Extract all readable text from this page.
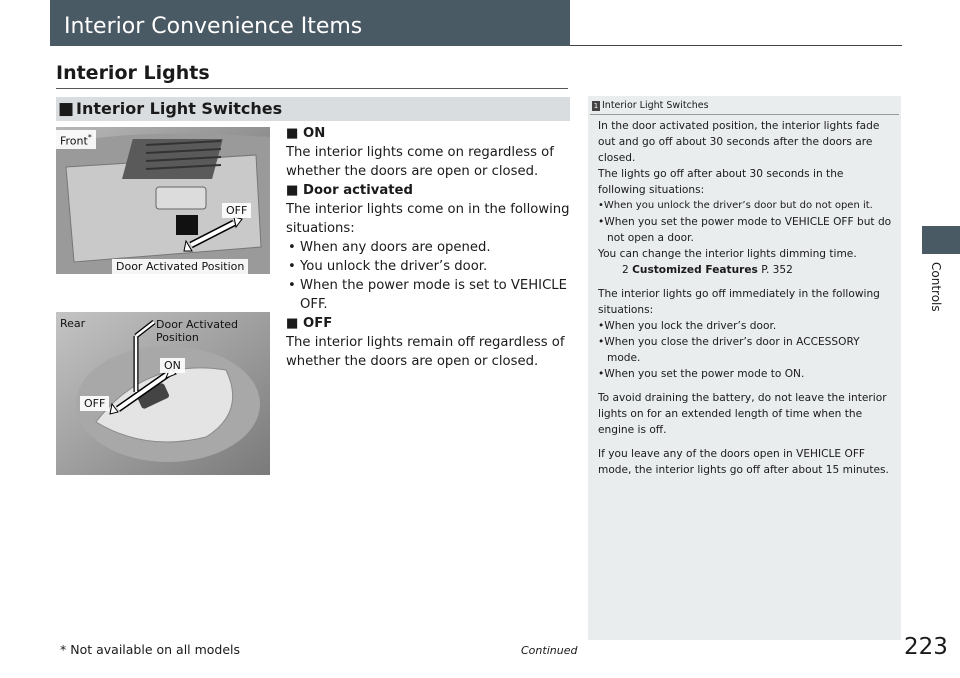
Interior Convenience Items
Interior Lights
■ Interior Light Switches
Front*
OFF
Door Activated Position
Rear	Door Activated
Position
ON
OFF
■ ON
The interior lights come on regardless of whether the doors are open or closed.
■ Door activated
The interior lights come on in the following situations:
• When any doors are opened.
• You unlock the driver’s door.
• When the power mode is set to VEHICLE OFF.
■ OFF
The interior lights remain off regardless of whether the doors are open or closed.
1 Interior Light Switches

In the door activated position, the interior lights fade out and go off about 30 seconds after the doors are closed.

The lights go off after about 30 seconds in the following situations:

•When you unlock the driver’s door but do not open it.

•When you set the power mode to VEHICLE OFF but do not open a door.

You can change the interior lights dimming time.

2 Customized Features P. 352

The interior lights go off immediately in the following situations:

•When you lock the driver’s door.

•When you close the driver’s door in ACCESSORY mode.

•When you set the power mode to ON.

To avoid draining the battery, do not leave the interior lights on for an extended length of time when the engine is off.

If you leave any of the doors open in VEHICLE OFF mode, the interior lights go off after about 15 minutes.

Controls
* Not available on all models	Continued	223
